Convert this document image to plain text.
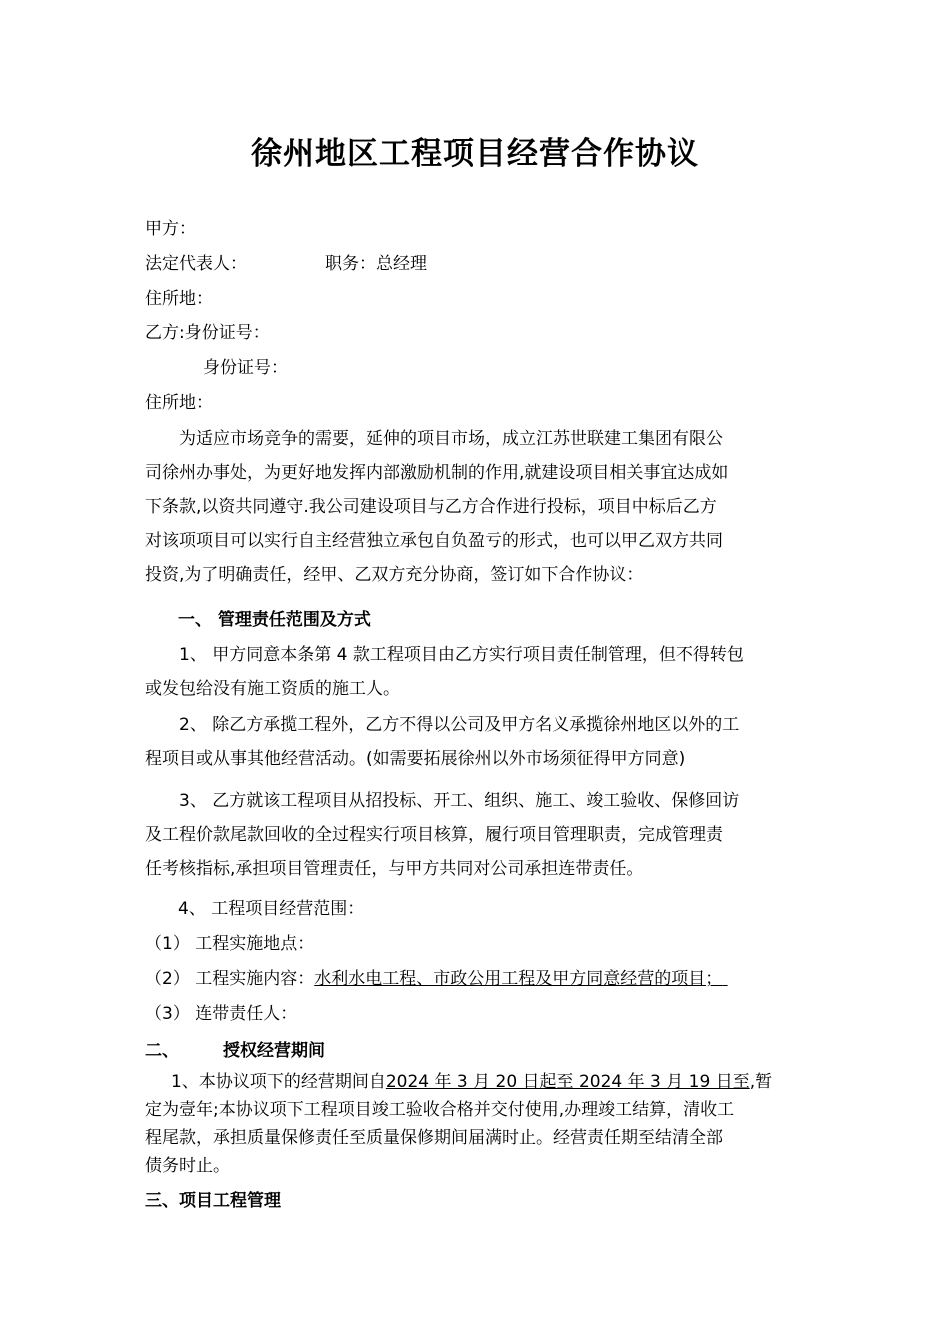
徐州地区工程项目经营合作协议
甲方：
法定代表人：	职务：总经理
住所地：
乙方:身份证号：
身份证号：
住所地：
为适应市场竞争的需要，延伸的项目市场，成立江苏世联建工集团有限公
司徐州办事处，为更好地发挥内部激励机制的作用,就建设项目相关事宜达成如
下条款,以资共同遵守.我公司建设项目与乙方合作进行投标，项目中标后乙方
对该项项目可以实行自主经营独立承包自负盈亏的形式，也可以甲乙双方共同
投资,为了明确责任，经甲、乙双方充分协商，签订如下合作协议：
一、 管理责任范围及方式
1、 甲方同意本条第 4 款工程项目由乙方实行项目责任制管理，但不得转包
或发包给没有施工资质的施工人。
2、 除乙方承揽工程外，乙方不得以公司及甲方名义承揽徐州地区以外的工
程项目或从事其他经营活动。(如需要拓展徐州以外市场须征得甲方同意)
3、 乙方就该工程项目从招投标、开工、组织、施工、竣工验收、保修回访
及工程价款尾款回收的全过程实行项目核算，履行项目管理职责，完成管理责
任考核指标,承担项目管理责任，与甲方共同对公司承担连带责任。
4、 工程项目经营范围：
（1） 工程实施地点：
（2） 工程实施内容：水利水电工程、市政公用工程及甲方同意经营的项目；
（3） 连带责任人：
二、	授权经营期间
1、本协议项下的经营期间自2024 年 3 月 20 日起至 2024 年 3 月 19 日至,暂
定为壹年;本协议项下工程项目竣工验收合格并交付使用,办理竣工结算，清收工
程尾款，承担质量保修责任至质量保修期间届满时止。经营责任期至结清全部
债务时止。
三、项目工程管理
